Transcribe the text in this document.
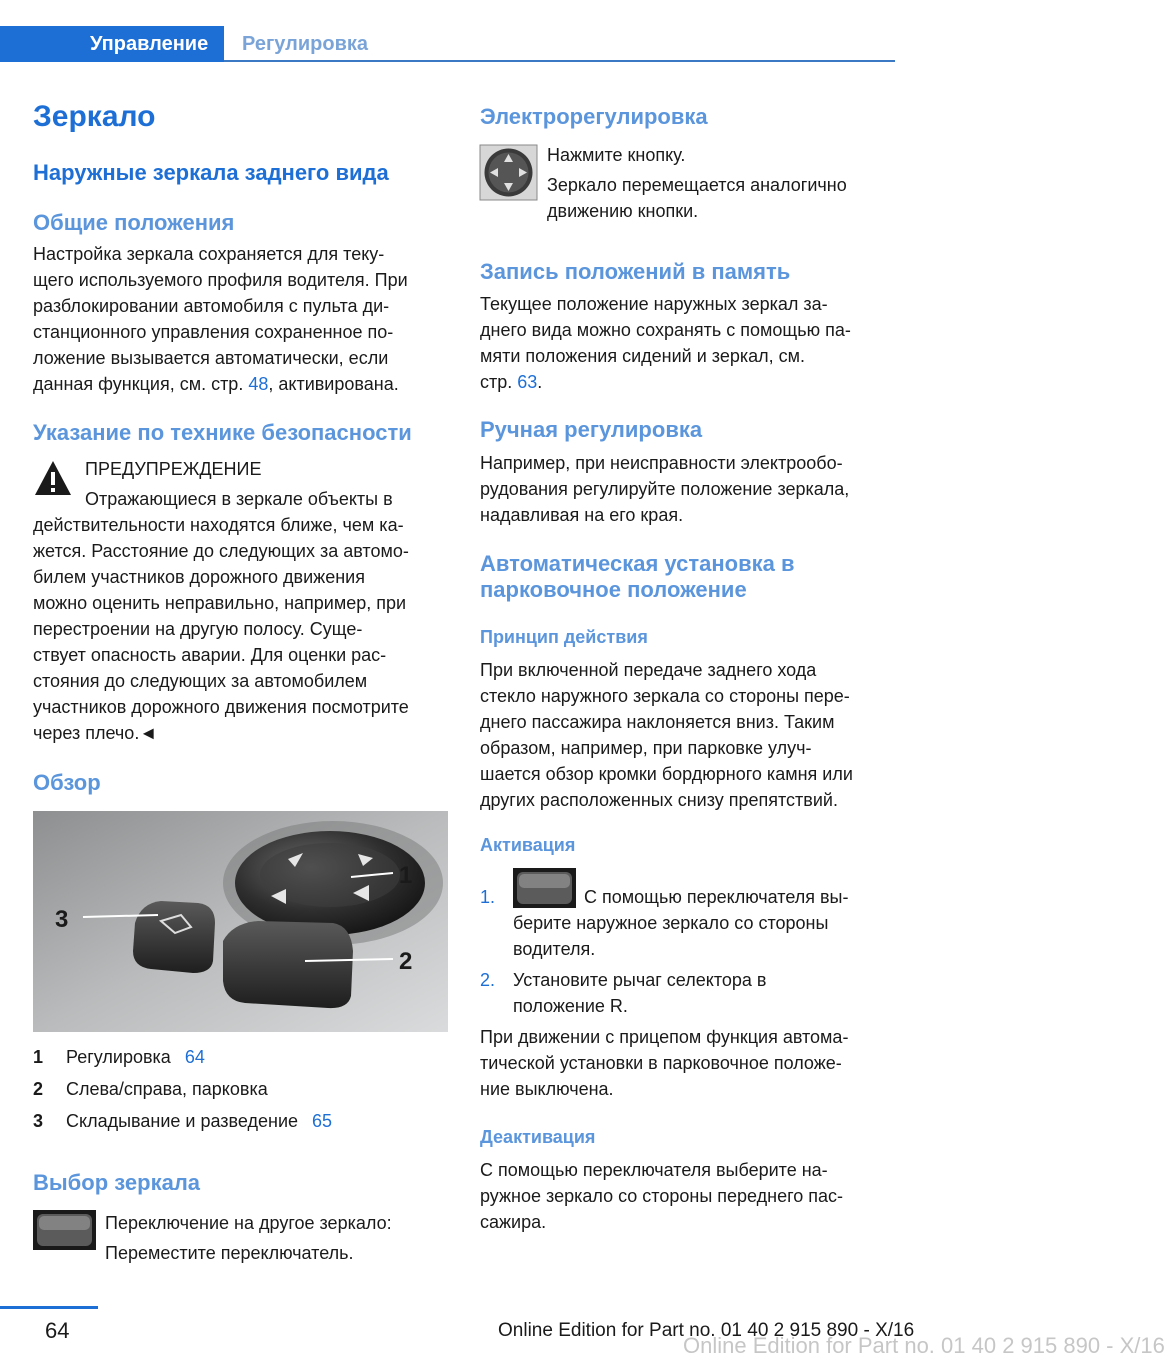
Управление	Регулировка
Зеркало
Наружные зеркала заднего вида
Общие положения
Настройка зеркала сохраняется для теку-
щего используемого профиля водителя. При
разблокировании автомобиля с пульта ди-
станционного управления сохраненное по-
ложение вызывается автоматически, если
данная функция, см. стр. 48, активирована.
Указание по технике безопасности
ПРЕДУПРЕЖДЕНИЕ
Отражающиеся в зеркале объекты в
действительности находятся ближе, чем ка-
жется. Расстояние до следующих за автомо-
билем участников дорожного движения
можно оценить неправильно, например, при
перестроении на другую полосу. Суще-
ствует опасность аварии. Для оценки рас-
стояния до следующих за автомобилем
участников дорожного движения посмотрите
через плечо.◄
Обзор
1
2
3
1 Регулировка 64
2 Слева/справа, парковка
3 Складывание и разведение 65
Выбор зеркала
Переключение на другое зеркало:
Переместите переключатель.
Электрорегулировка
Нажмите кнопку.
Зеркало перемещается аналогично
движению кнопки.
Запись положений в память
Текущее положение наружных зеркал за-
днего вида можно сохранять с помощью па-
мяти положения сидений и зеркал, см.
стр. 63.
Ручная регулировка
Например, при неисправности электрообо-
рудования регулируйте положение зеркала,
надавливая на его края.
Автоматическая установка в
парковочное положение
Принцип действия
При включенной передаче заднего хода
стекло наружного зеркала со стороны пере-
днего пассажира наклоняется вниз. Таким
образом, например, при парковке улуч-
шается обзор кромки бордюрного камня или
других расположенных снизу препятствий.
Активация
1.	С помощью переключателя вы-
берите наружное зеркало со стороны
водителя.
2. Установите рычаг селектора в
положение R.
При движении с прицепом функция автома-
тической установки в парковочное положе-
ние выключена.
Деактивация
С помощью переключателя выберите на-
ружное зеркало со стороны переднего пас-
сажира.
64	Online Edition for Part no. 01 40 2 915 890 - X/16
Online Edition for Part no. 01 40 2 915 890 - X/16
